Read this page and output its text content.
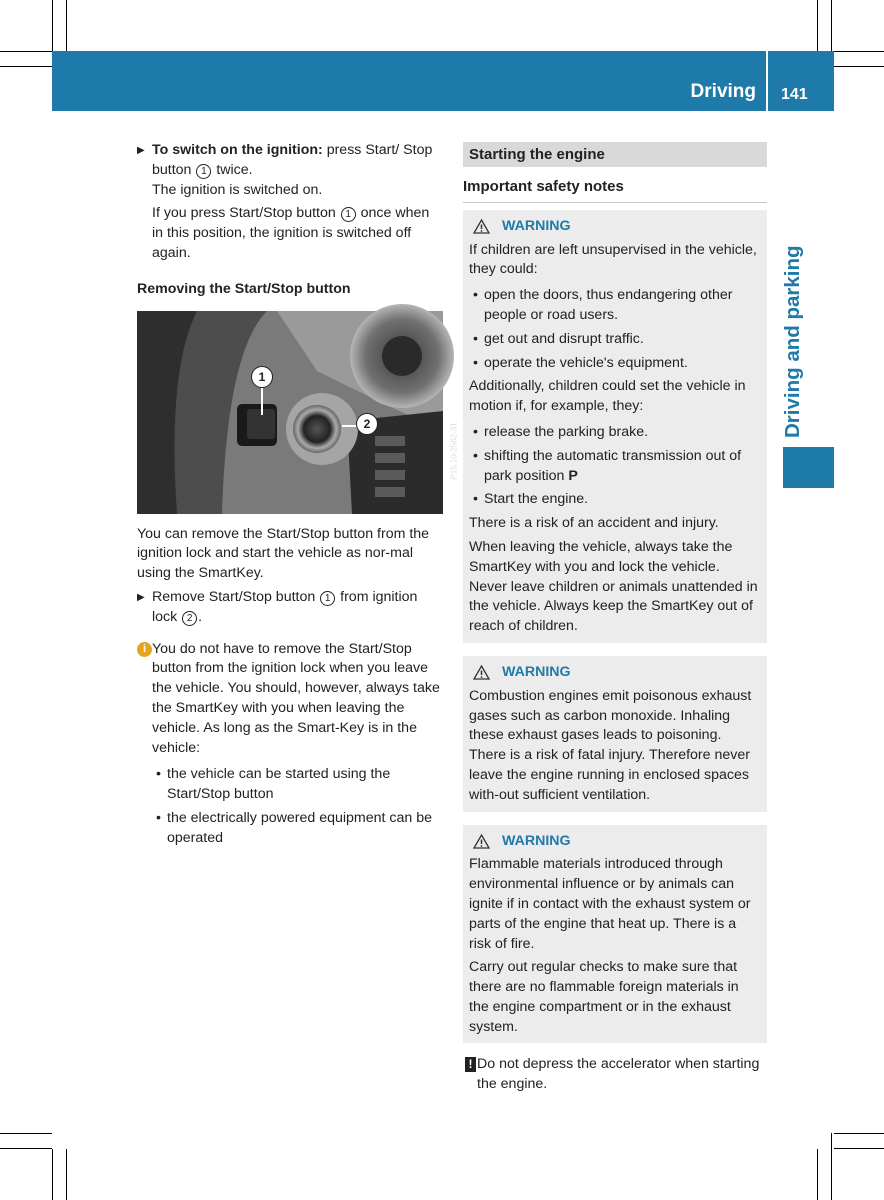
Driving 141
Driving and parking
▶ To switch on the ignition: press Start/ Stop button 1 twice.

The ignition is switched on.

If you press Start/Stop button 1 once when in this position, the ignition is switched off again.

Removing the Start/Stop button

1
2	P15.10-2562-31

You can remove the Start/Stop button from the ignition lock and start the vehicle as nor-mal using the SmartKey.

▶ Remove Start/Stop button 1 from ignition lock 2 .
i You do not have to remove the Start/Stop button from the ignition lock when you leave the vehicle. You should, however, always take the SmartKey with you when leaving the vehicle. As long as the Smart-Key is in the vehicle:

• the vehicle can be started using the Start/Stop button
• the electrically powered equipment can be operated
Starting the engine
Important safety notes
WARNING

If children are left unsupervised in the vehicle, they could:

• open the doors, thus endangering other people or road users.
• get out and disrupt traffic.
• operate the vehicle's equipment.

Additionally, children could set the vehicle in motion if, for example, they:

• release the parking brake.
• shifting the automatic transmission out of park position P
• Start the engine.

There is a risk of an accident and injury.

When leaving the vehicle, always take the SmartKey with you and lock the vehicle. Never leave children or animals unattended in the vehicle. Always keep the SmartKey out of reach of children.

WARNING

Combustion engines emit poisonous exhaust gases such as carbon monoxide. Inhaling these exhaust gases leads to poisoning. There is a risk of fatal injury. Therefore never leave the engine running in enclosed spaces with-out sufficient ventilation.

WARNING

Flammable materials introduced through environmental influence or by animals can ignite if in contact with the exhaust system or parts of the engine that heat up. There is a risk of fire.

Carry out regular checks to make sure that there are no flammable foreign materials in the engine compartment or in the exhaust system.

! Do not depress the accelerator when starting the engine.
